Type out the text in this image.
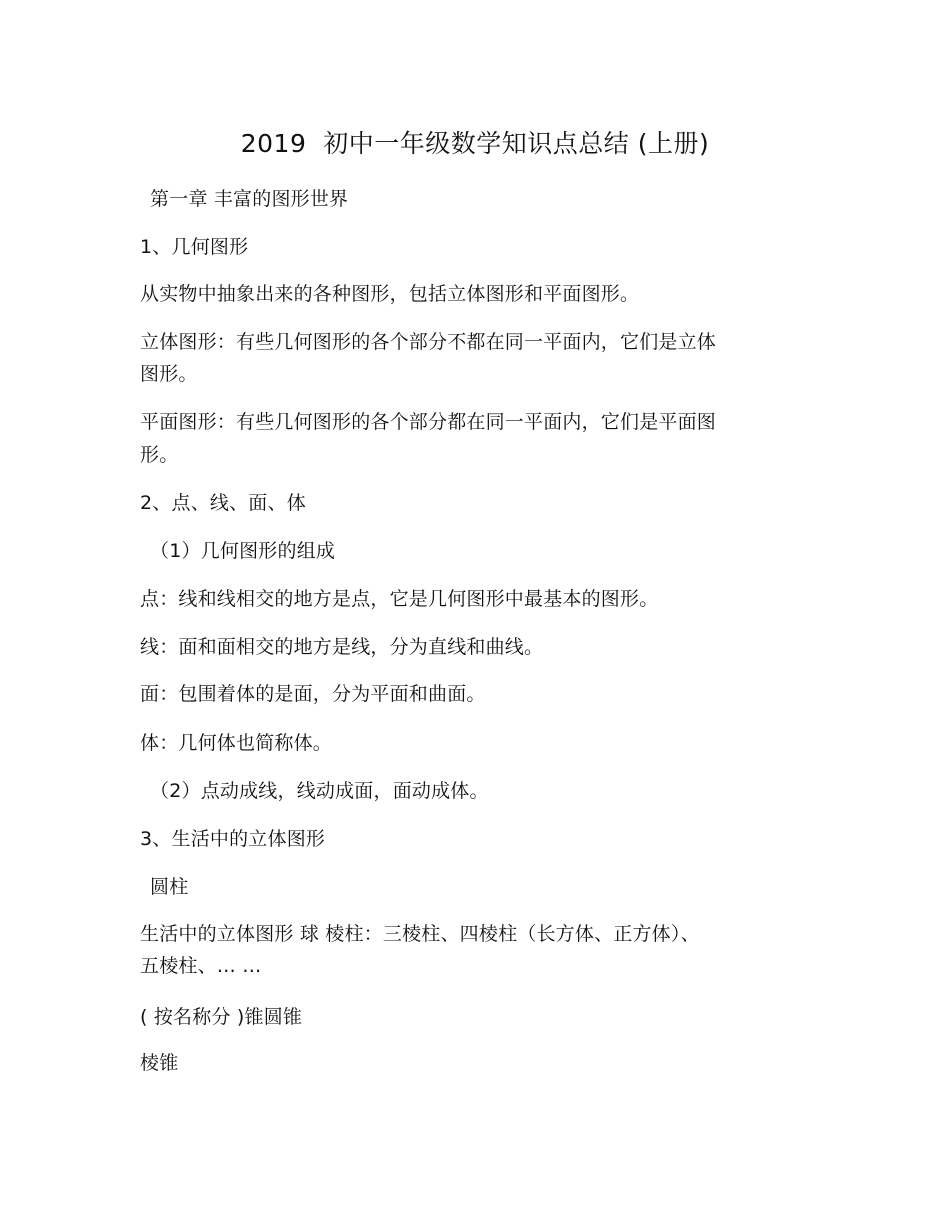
2019  初中一年级数学知识点总结 (上册)
第一章 丰富的图形世界
1、几何图形
从实物中抽象出来的各种图形，包括立体图形和平面图形。
立体图形：有些几何图形的各个部分不都在同一平面内，它们是立体
图形。
平面图形：有些几何图形的各个部分都在同一平面内，它们是平面图
形。
2、点、线、面、体
（1）几何图形的组成
点：线和线相交的地方是点，它是几何图形中最基本的图形。
线：面和面相交的地方是线，分为直线和曲线。
面：包围着体的是面，分为平面和曲面。
体：几何体也简称体。
（2）点动成线，线动成面，面动成体。
3、生活中的立体图形
圆柱
生活中的立体图形 球 棱柱：三棱柱、四棱柱（长方体、正方体）、
五棱柱、… …
( 按名称分 )锥圆锥
棱锥
